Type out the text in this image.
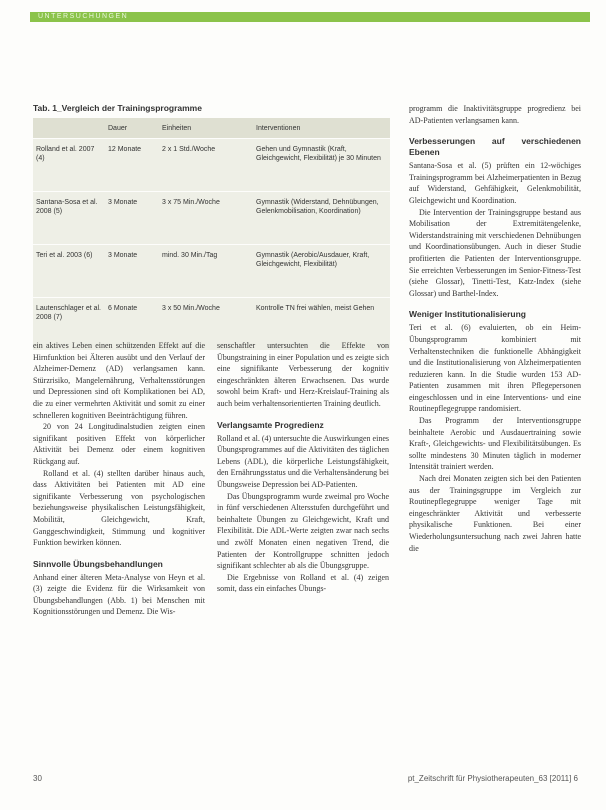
UNTERSUCHUNGEN
Tab. 1_Vergleich der Trainingsprogramme
	Dauer	Einheiten	Interventionen
Rolland et al. 2007 (4)	12 Monate	2 x 1 Std./Woche	Gehen und Gymnastik (Kraft, Gleichgewicht, Flexibilität) je 30 Minuten
Santana-Sosa et al. 2008 (5)	3 Monate	3 x 75 Min./Woche	Gymnastik (Widerstand, Dehnübungen, Gelenkmobilisation, Koordination)
Teri et al. 2003 (6)	3 Monate	mind. 30 Min./Tag	Gymnastik (Aerobic/Ausdauer, Kraft, Gleichgewicht, Flexibilität)
Lautenschlager et al. 2008 (7)	6 Monate	3 x 50 Min./Woche	Kontrolle TN frei wählen, meist Gehen

ein aktives Leben einen schützenden Effekt auf die Hirnfunktion bei Älteren ausübt und den Verlauf der Alzheimer-Demenz (AD) verlangsamen kann. Stürzrisiko, Mangelernährung, Verhaltensstörungen und Depressionen sind oft Komplikationen bei AD, die zu einer vermehrten Aktivität und somit zu einer schnelleren kognitiven Beeinträchtigung führen.

20 von 24 Longitudinalstudien zeigten einen signifikant positiven Effekt von körperlicher Aktivität bei Demenz oder einem kognitiven Rückgang auf.

Rolland et al. (4) stellten darüber hinaus auch, dass Aktivitäten bei Patienten mit AD eine signifikante Verbesserung von psychologischen beziehungsweise physikalischen Leistungsfähigkeit, Mobilität, Gleichgewicht, Kraft, Ganggeschwindigkeit, Stimmung und kognitiver Funktion bewirken können.

Sinnvolle Übungsbehandlungen

Anhand einer älteren Meta-Analyse von Heyn et al. (3) zeigte die Evidenz für die Wirksamkeit von Übungsbehandlungen (Abb. 1) bei Menschen mit Kognitionsstörungen und Demenz. Die Wis-

senschaftler untersuchten die Effekte von Übungstraining in einer Population und es zeigte sich eine signifikante Verbesserung der kognitiv eingeschränkten älteren Erwachsenen. Das wurde sowohl beim Kraft- und Herz-Kreislauf-Training als auch beim verhaltensorientierten Training deutlich.

Verlangsamte Progredienz

Rolland et al. (4) untersuchte die Auswirkungen eines Übungsprogrammes auf die Aktivitäten des täglichen Lebens (ADL), die körperliche Leistungsfähigkeit, den Ernährungsstatus und die Verhaltensänderung bei Übungsweise Depression bei AD-Patienten.

Das Übungsprogramm wurde zweimal pro Woche in fünf verschiedenen Altersstufen durchgeführt und beinhaltete Übungen zu Gleichgewicht, Kraft und Flexibilität. Die ADL-Werte zeigten zwar nach sechs und zwölf Monaten einen negativen Trend, die Patienten der Kontrollgruppe schnitten jedoch signifikant schlechter ab als die Übungsgruppe.

Die Ergebnisse von Rolland et al. (4) zeigen somit, dass ein einfaches Übungs-

programm die Inaktivitätsgruppe progredienz bei AD-Patienten verlangsamen kann.

Verbesserungen auf verschiedenen Ebenen

Santana-Sosa et al. (5) prüften ein 12-wöchiges Trainingsprogramm bei Alzheimerpatienten in Bezug auf Widerstand, Gehfähigkeit, Gelenkmobilität, Gleichgewicht und Koordination.

Die Intervention der Trainingsgruppe bestand aus Mobilisation der Extremitätengelenke, Widerstandstraining mit verschiedenen Dehnübungen und Koordinationsübungen. Auch in dieser Studie profitierten die Patienten der Interventionsgruppe. Sie erreichten Verbesserungen im Senior-Fitness-Test (siehe Glossar), Tinetti-Test, Katz-Index (siehe Glossar) und Barthel-Index.

Weniger Institutionalisierung

Teri et al. (6) evaluierten, ob ein Heim-Übungsprogramm kombiniert mit Verhaltenstechniken die funktionelle Abhängigkeit und die Institutionalisierung von Alzheimerpatienten reduzieren kann. In die Studie wurden 153 AD-Patienten zusammen mit ihren Pflegepersonen eingeschlossen und in eine Interventions- und eine Routinepflegegruppe randomisiert.

Das Programm der Interventionsgruppe beinhaltete Aerobic und Ausdauertraining sowie Kraft-, Gleichgewichts- und Flexibilitätsübungen. Es sollte mindestens 30 Minuten täglich in moderner Intensität trainiert werden.

Nach drei Monaten zeigten sich bei den Patienten aus der Trainingsgruppe im Vergleich zur Routinepflegegruppe weniger Tage mit eingeschränkter Aktivität und verbesserte physikalische Funktionen. Bei einer Wiederholungsuntersuchung nach zwei Jahren hatte die

30	pt_Zeitschrift für Physiotherapeuten_63 [2011] 6
